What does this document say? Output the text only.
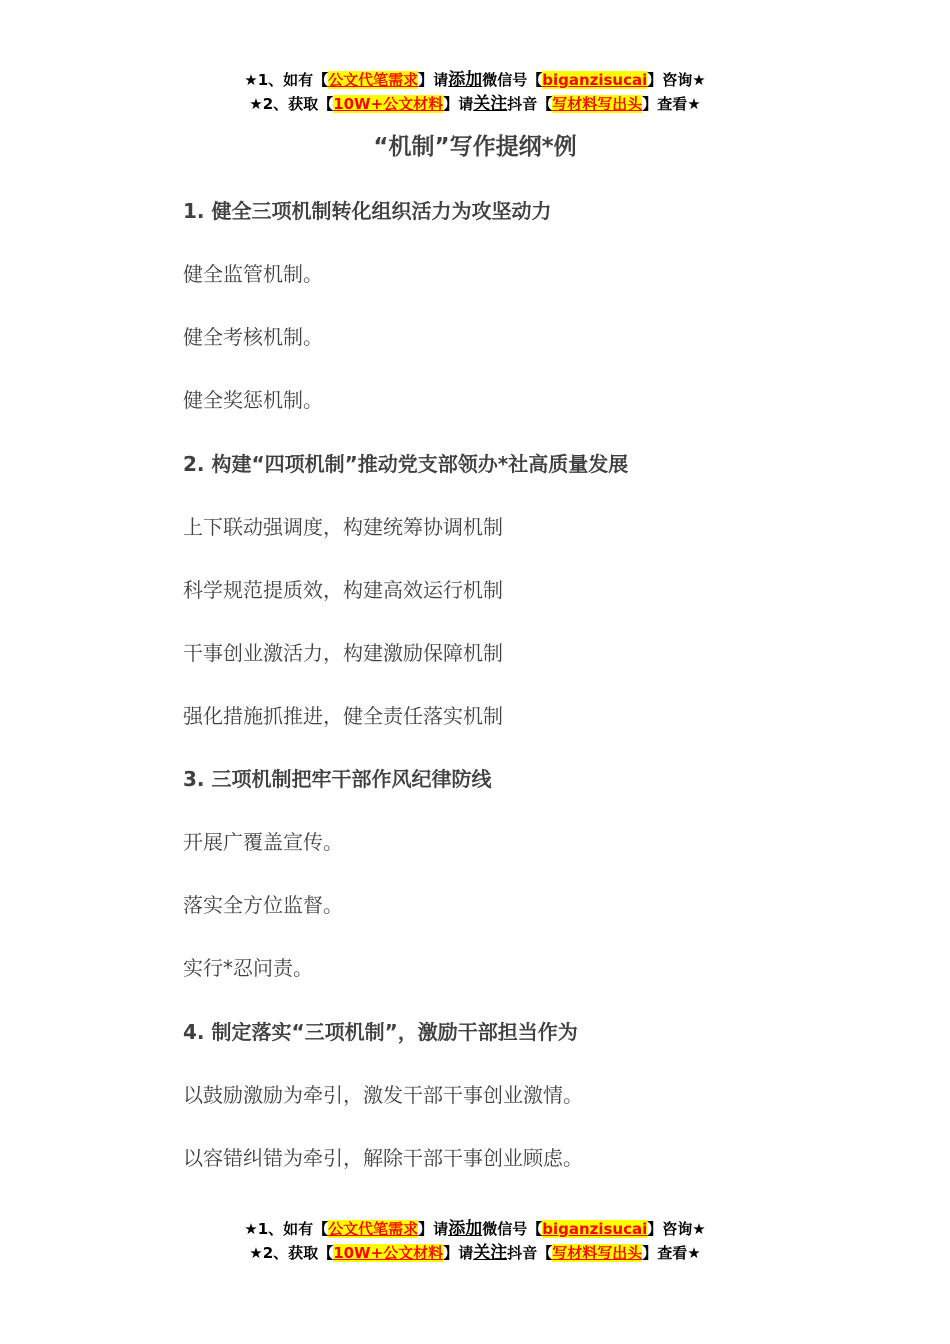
★1、如有【公文代笔需求】请添加微信号【biganzisucai】咨询★
★2、获取【10W+公文材料】请关注抖音【写材料写出头】查看★
“机制”写作提纲*例
1. 健全三项机制转化组织活力为攻坚动力
健全监管机制。
健全考核机制。
健全奖惩机制。
2. 构建“四项机制”推动党支部领办*社高质量发展
上下联动强调度，构建统筹协调机制
科学规范提质效，构建高效运行机制
干事创业激活力，构建激励保障机制
强化措施抓推进，健全责任落实机制
3. 三项机制把牢干部作风纪律防线
开展广覆盖宣传。
落实全方位监督。
实行*忍问责。
4. 制定落实“三项机制”，激励干部担当作为
以鼓励激励为牵引，激发干部干事创业激情。
以容错纠错为牵引，解除干部干事创业顾虑。
★1、如有【公文代笔需求】请添加微信号【biganzisucai】咨询★
★2、获取【10W+公文材料】请关注抖音【写材料写出头】查看★
